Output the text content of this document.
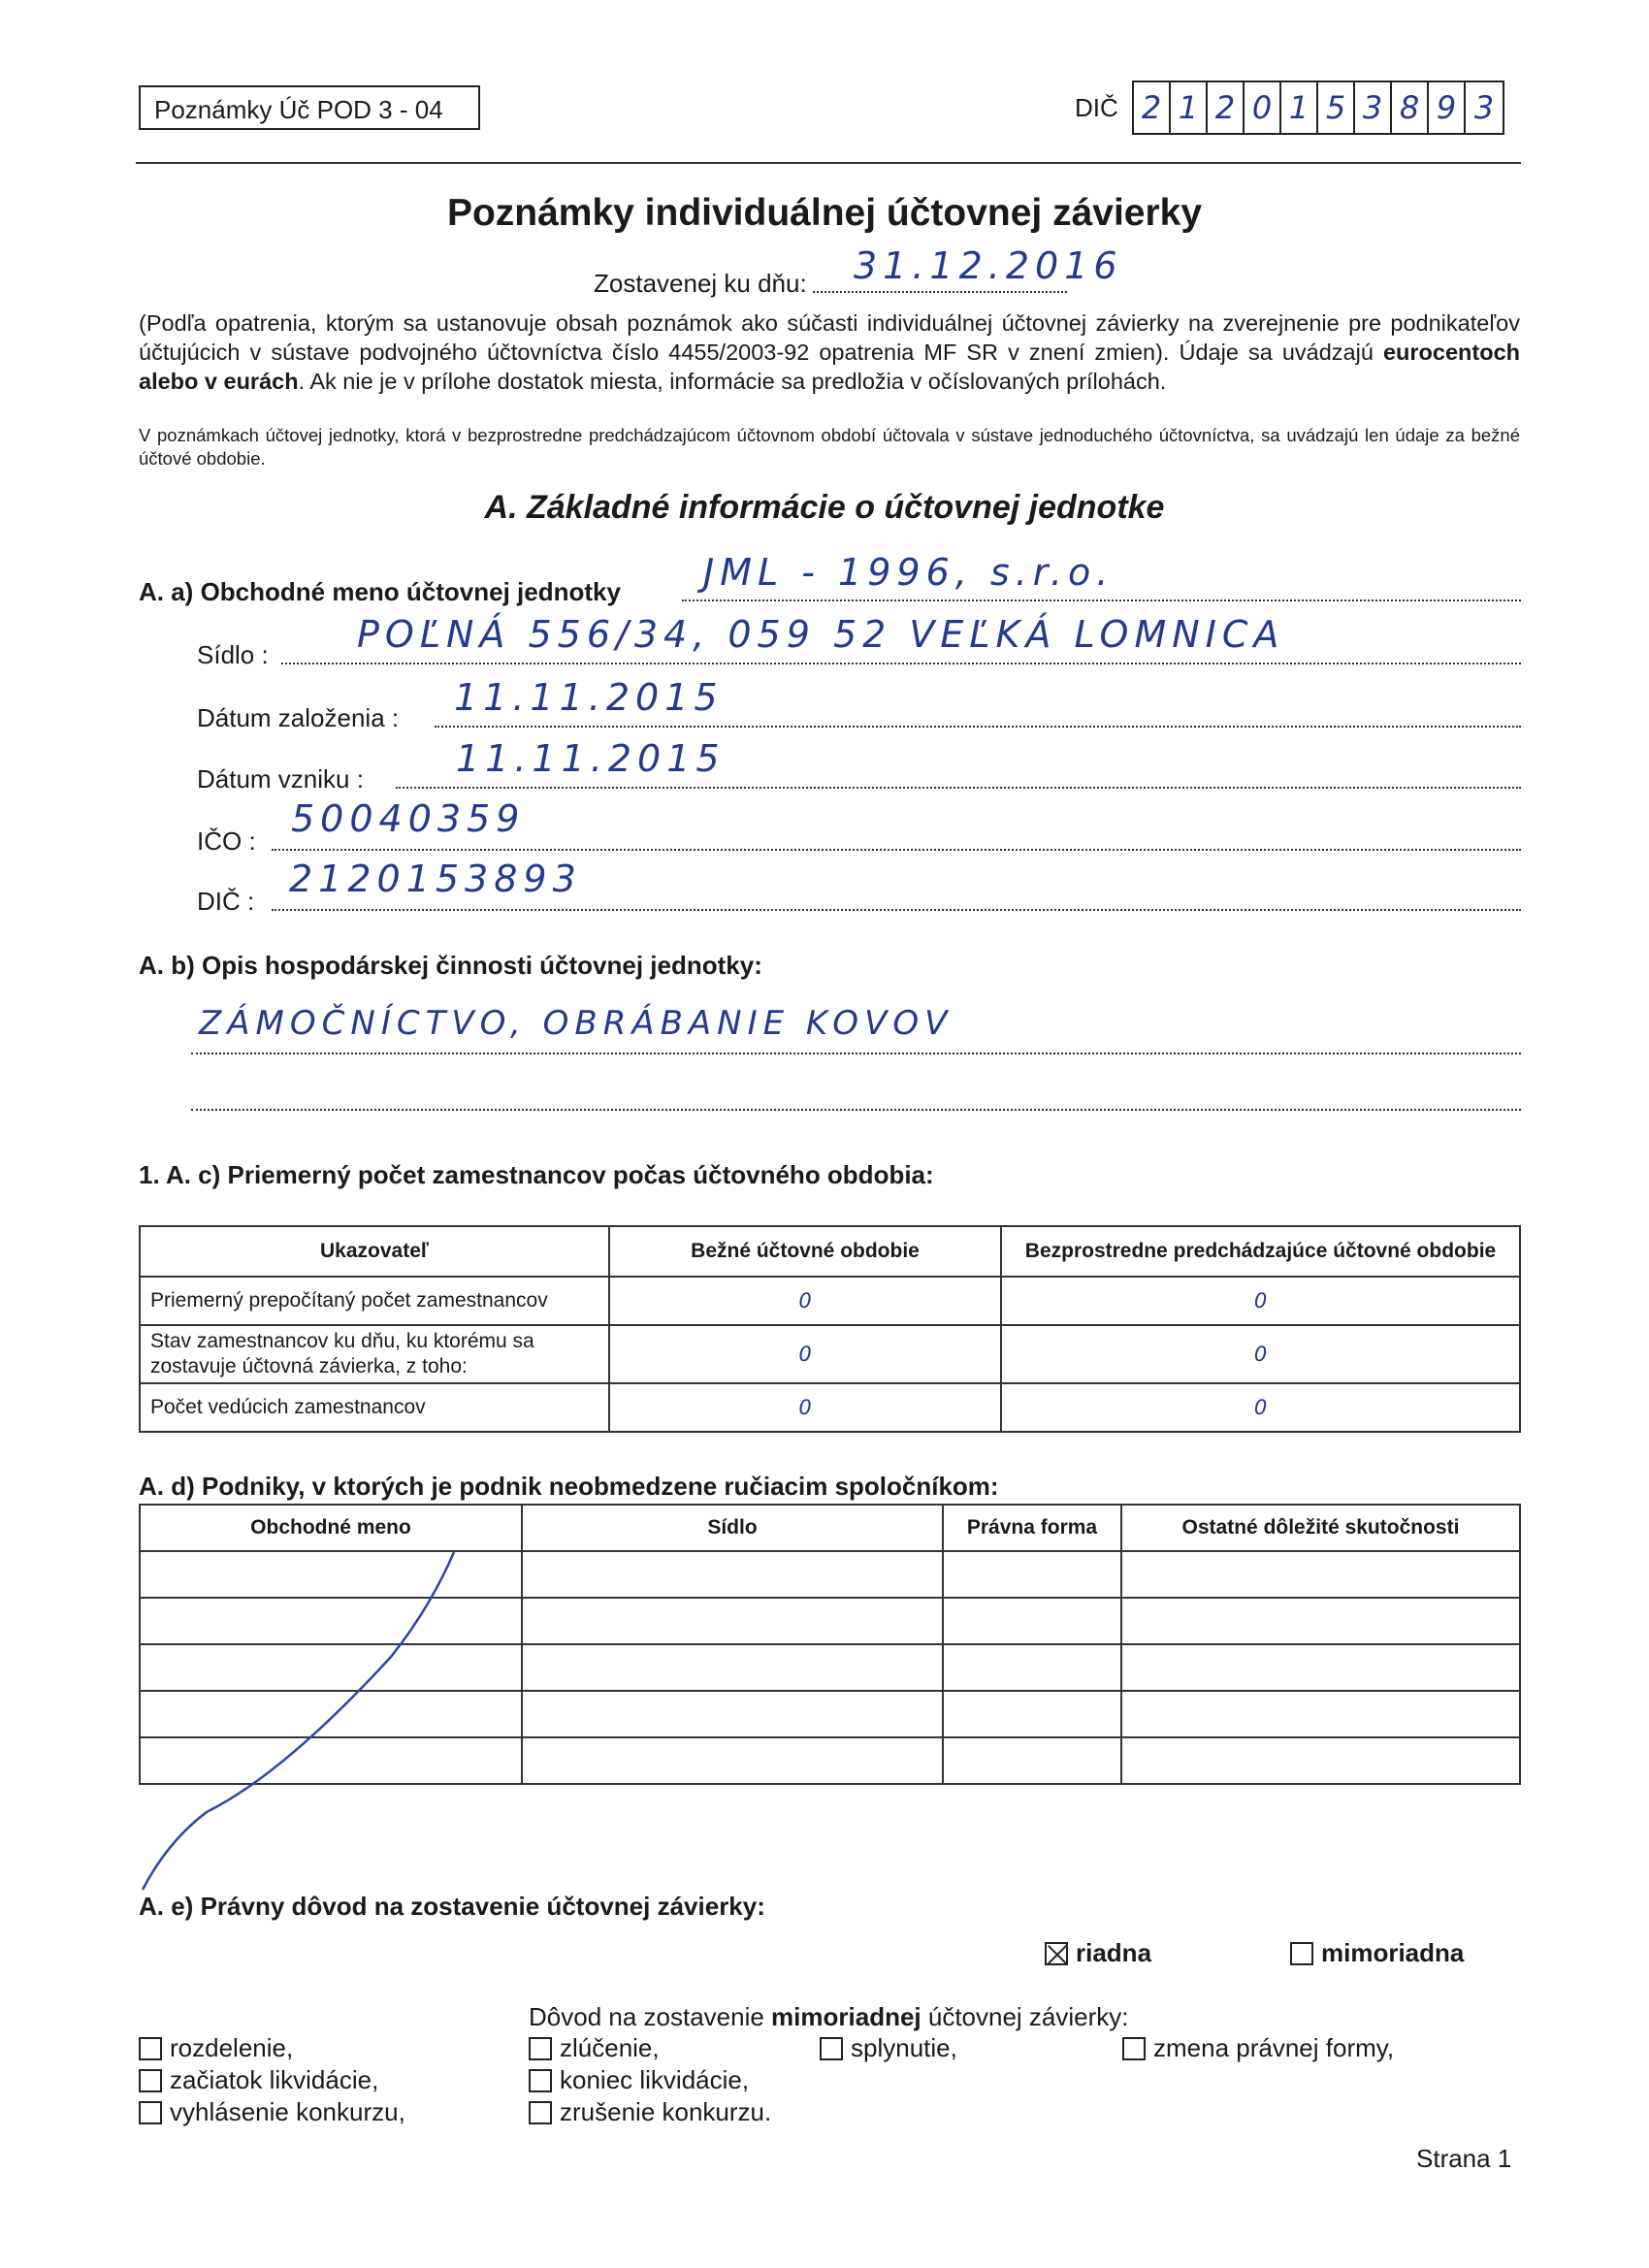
Poznámky Úč POD 3 - 04	DIČ 2 1 2 0 1 5 3 8 9 3
Poznámky individuálnej účtovnej závierky
Zostavenej ku dňu: 31.12.2016
(Podľa opatrenia, ktorým sa ustanovuje obsah poznámok ako súčasti individuálnej účtovnej závierky na zverejnenie pre podnikateľov účtujúcich v sústave podvojného účtovníctva číslo 4455/2003-92 opatrenia MF SR v znení zmien). Údaje sa uvádzajú eurocentoch alebo v eurách. Ak nie je v prílohe dostatok miesta, informácie sa predložia v očíslovaných prílohách.
V poznámkach účtovej jednotky, ktorá v bezprostredne predchádzajúcom účtovnom období účtovala v sústave jednoduchého účtovníctva, sa uvádzajú len údaje za bežné účtové obdobie.
A. Základné informácie o účtovnej jednotke
A. a) Obchodné meno účtovnej jednotky JML - 1996, s.r.o.
Sídlo : POĽNÁ 556/34, 059 52 VEĽKÁ LOMNICA
Dátum založenia : 11.11.2015
Dátum vzniku :	11.11.2015
IČO :
50040359
DIČ :
2120153893
A. b) Opis hospodárskej činnosti účtovnej jednotky:
ZÁMOČNÍCTVO, OBRÁBANIE KOVOV
1. A. c) Priemerný počet zamestnancov počas účtovného obdobia:
Ukazovateľ	Bežné účtovné obdobie	Bezprostredne predchádzajúce účtovné obdobie
Priemerný prepočítaný počet zamestnancov	0	0
Stav zamestnancov ku dňu, ku ktorému sa zostavuje účtovná závierka, z toho:	0	0
Počet vedúcich zamestnancov	0	0
A. d) Podniky, v ktorých je podnik neobmedzene ručiacim spoločníkom:
Obchodné meno	Sídlo	Právna forma	Ostatné dôležité skutočnosti

A. e) Právny dôvod na zostavenie účtovnej závierky:
riadna	mimoriadna
Dôvod na zostavenie mimoriadnej účtovnej závierky:
rozdelenie,
začiatok likvidácie,
vyhlásenie konkurzu,
zlúčenie,
koniec likvidácie,
zrušenie konkurzu.
splynutie,	zmena právnej formy,
Strana 1
